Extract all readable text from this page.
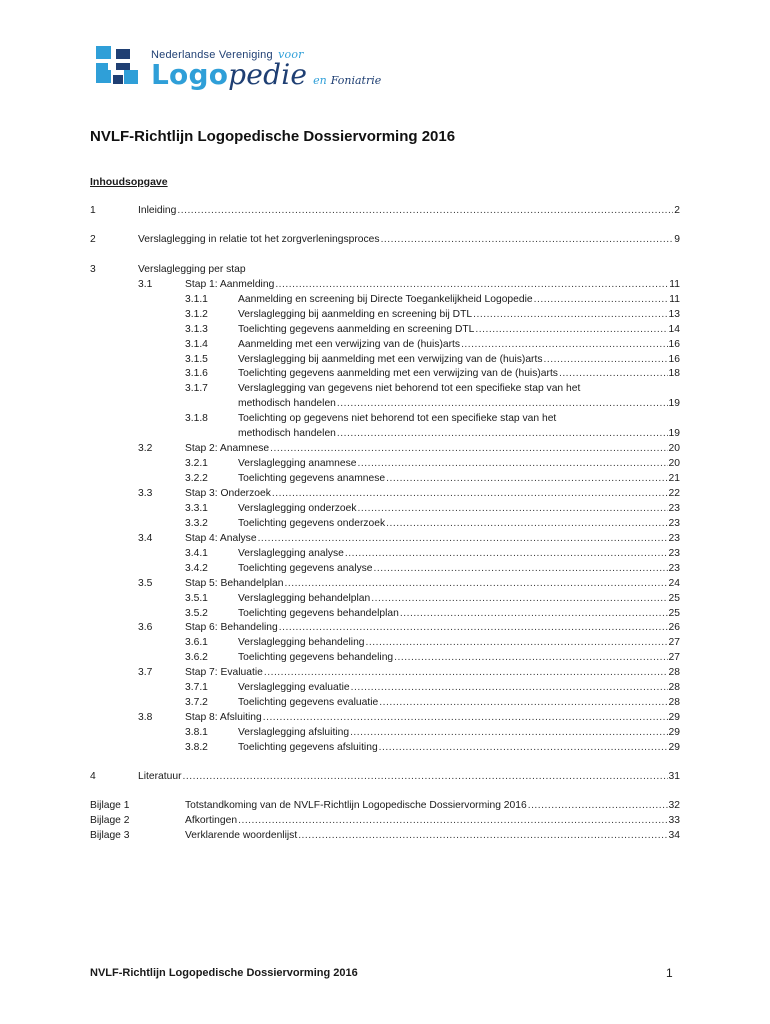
Nederlandse Vereniging voor
Logopedie en Foniatrie
NVLF-Richtlijn Logopedische Dossiervorming 2016
Inhoudsopgave
1	Inleiding .....	2
2	Verslaglegging in relatie tot het zorgverleningsproces .....	9
3	Verslaglegging per stap
3.1	Stap 1: Aanmelding .....	11
3.1.1	Aanmelding en screening bij Directe Toegankelijkheid Logopedie .....	11
3.1.2	Verslaglegging bij aanmelding en screening bij DTL .....	13
3.1.3	Toelichting gegevens aanmelding en screening DTL .....	14
3.1.4	Aanmelding met een verwijzing van de (huis)arts .....	16
3.1.5	Verslaglegging bij aanmelding met een verwijzing van de (huis)arts .....	16
3.1.6	Toelichting gegevens aanmelding met een verwijzing van de (huis)arts .....	18
3.1.7	Verslaglegging van gegevens niet behorend tot een specifieke stap van het
methodisch handelen .....	19
3.1.8	Toelichting op gegevens niet behorend tot een specifieke stap van het
methodisch handelen .....	19
3.2	Stap 2: Anamnese .....	20
3.2.1	Verslaglegging anamnese .....	20
3.2.2	Toelichting gegevens anamnese .....	21
3.3	Stap 3: Onderzoek .....	22
3.3.1	Verslaglegging onderzoek .....	23
3.3.2	Toelichting gegevens onderzoek .....	23
3.4	Stap 4: Analyse .....	23
3.4.1	Verslaglegging analyse .....	23
3.4.2	Toelichting gegevens analyse .....	23
3.5	Stap 5: Behandelplan .....	24
3.5.1	Verslaglegging behandelplan .....	25
3.5.2	Toelichting gegevens behandelplan .....	25
3.6	Stap 6: Behandeling .....	26
3.6.1	Verslaglegging behandeling .....	27
3.6.2	Toelichting gegevens behandeling .....	27
3.7	Stap 7: Evaluatie .....	28
3.7.1	Verslaglegging evaluatie .....	28
3.7.2	Toelichting gegevens evaluatie .....	28
3.8	Stap 8: Afsluiting .....	29
3.8.1	Verslaglegging afsluiting .....	29
3.8.2	Toelichting gegevens afsluiting .....	29
4	Literatuur .....	31
Bijlage 1	Totstandkoming van de NVLF-Richtlijn Logopedische Dossiervorming 2016 .....	32
Bijlage 2	Afkortingen .....	33
Bijlage 3	Verklarende woordenlijst .....	34
NVLF-Richtlijn Logopedische Dossiervorming 2016	1
